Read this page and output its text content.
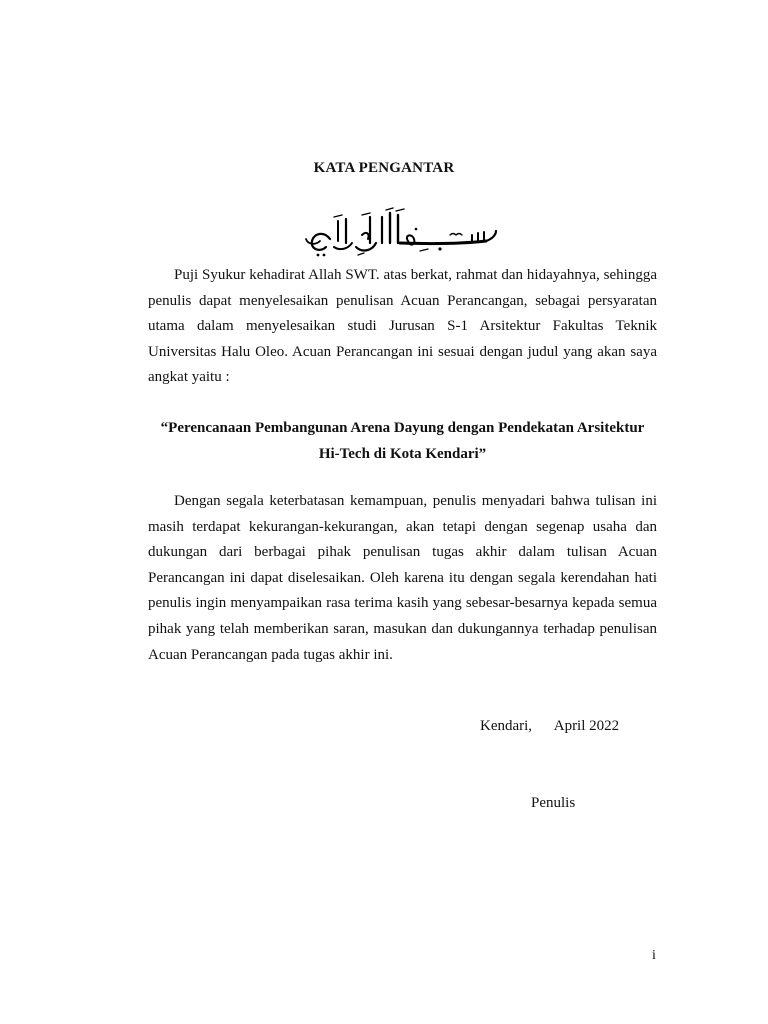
KATA PENGANTAR

Puji Syukur kehadirat Allah SWT. atas berkat, rahmat dan hidayahnya, sehingga penulis dapat menyelesaikan penulisan Acuan Perancangan, sebagai persyaratan utama dalam menyelesaikan studi Jurusan S-1 Arsitektur Fakultas Teknik Universitas Halu Oleo. Acuan Perancangan ini sesuai dengan judul yang akan saya angkat yaitu :

“Perencanaan Pembangunan Arena Dayung dengan Pendekatan Arsitektur
Hi-Tech di Kota Kendari”

Dengan segala keterbatasan kemampuan, penulis menyadari bahwa tulisan ini masih terdapat kekurangan-kekurangan, akan tetapi dengan segenap usaha dan dukungan dari berbagai pihak penulisan tugas akhir dalam tulisan Acuan Perancangan ini dapat diselesaikan. Oleh karena itu dengan segala kerendahan hati penulis ingin menyampaikan rasa terima kasih yang sebesar-besarnya kepada semua pihak yang telah memberikan saran, masukan dan dukungannya terhadap penulisan Acuan Perancangan pada tugas akhir ini.

Kendari,      April 2022
Penulis
i
